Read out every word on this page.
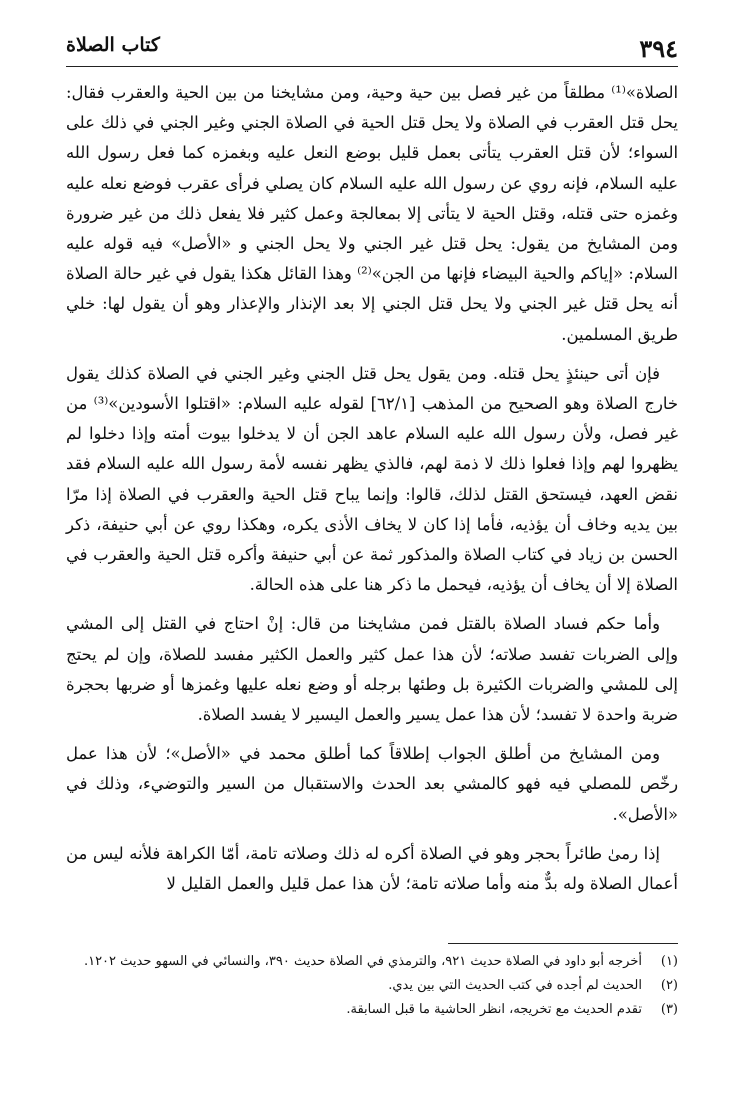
٣٩٤
كتاب الصلاة

الصلاة»⁽¹⁾ مطلقاً من غير فصل بين حية وحية، ومن مشايخنا من بين الحية والعقرب فقال: يحل قتل العقرب في الصلاة ولا يحل قتل الحية في الصلاة الجني وغير الجني في ذلك على السواء؛ لأن قتل العقرب يتأتى بعمل قليل بوضع النعل عليه وبغمزه كما فعل رسول الله عليه السلام، فإنه روي عن رسول الله عليه السلام كان يصلي فرأى عقرب فوضع نعله عليه وغمزه حتى قتله، وقتل الحية لا يتأتى إلا بمعالجة وعمل كثير فلا يفعل ذلك من غير ضرورة ومن المشايخ من يقول: يحل قتل غير الجني ولا يحل الجني و «الأصل» فيه قوله عليه السلام: «إياكم والحية البيضاء فإنها من الجن»⁽²⁾ وهذا القائل هكذا يقول في غير حالة الصلاة أنه يحل قتل غير الجني ولا يحل قتل الجني إلا بعد الإنذار والإعذار وهو أن يقول لها: خلي طريق المسلمين.

فإن أتى حينئذٍ يحل قتله. ومن يقول يحل قتل الجني وغير الجني في الصلاة كذلك يقول خارج الصلاة وهو الصحيح من المذهب [٦٢/١] لقوله عليه السلام: «اقتلوا الأسودين»⁽³⁾ من غير فصل، ولأن رسول الله عليه السلام عاهد الجن أن لا يدخلوا بيوت أمته وإذا دخلوا لم يظهروا لهم وإذا فعلوا ذلك لا ذمة لهم، فالذي يظهر نفسه لأمة رسول الله عليه السلام فقد نقض العهد، فيستحق القتل لذلك، قالوا: وإنما يباح قتل الحية والعقرب في الصلاة إذا مرّا بين يديه وخاف أن يؤذيه، فأما إذا كان لا يخاف الأذى يكره، وهكذا روي عن أبي حنيفة، ذكر الحسن بن زياد في كتاب الصلاة والمذكور ثمة عن أبي حنيفة وأكره قتل الحية والعقرب في الصلاة إلا أن يخاف أن يؤذيه، فيحمل ما ذكر هنا على هذه الحالة.

وأما حكم فساد الصلاة بالقتل فمن مشايخنا من قال: إنْ احتاج في القتل إلى المشي وإلى الضربات تفسد صلاته؛ لأن هذا عمل كثير والعمل الكثير مفسد للصلاة، وإن لم يحتج إلى للمشي والضربات الكثيرة بل وطئها برجله أو وضع نعله عليها وغمزها أو ضربها بحجرة ضربة واحدة لا تفسد؛ لأن هذا عمل يسير والعمل اليسير لا يفسد الصلاة.

ومن المشايخ من أطلق الجواب إطلاقاً كما أطلق محمد في «الأصل»؛ لأن هذا عمل رخّص للمصلي فيه فهو كالمشي بعد الحدث والاستقبال من السير والتوضيء، وذلك في «الأصل».

إذا رمىٰ طائراً بحجر وهو في الصلاة أكره له ذلك وصلاته تامة، أمّا الكراهة فلأنه ليس من أعمال الصلاة وله بدٌّ منه وأما صلاته تامة؛ لأن هذا عمل قليل والعمل القليل لا

(١)
أخرجه أبو داود في الصلاة حديث ٩٢١، والترمذي في الصلاة حديث ٣٩٠، والنسائي في السهو حديث ١٢٠٢.
(٢)
الحديث لم أجده في كتب الحديث التي بين يدي.
(٣)
تقدم الحديث مع تخريجه، انظر الحاشية ما قبل السابقة.
